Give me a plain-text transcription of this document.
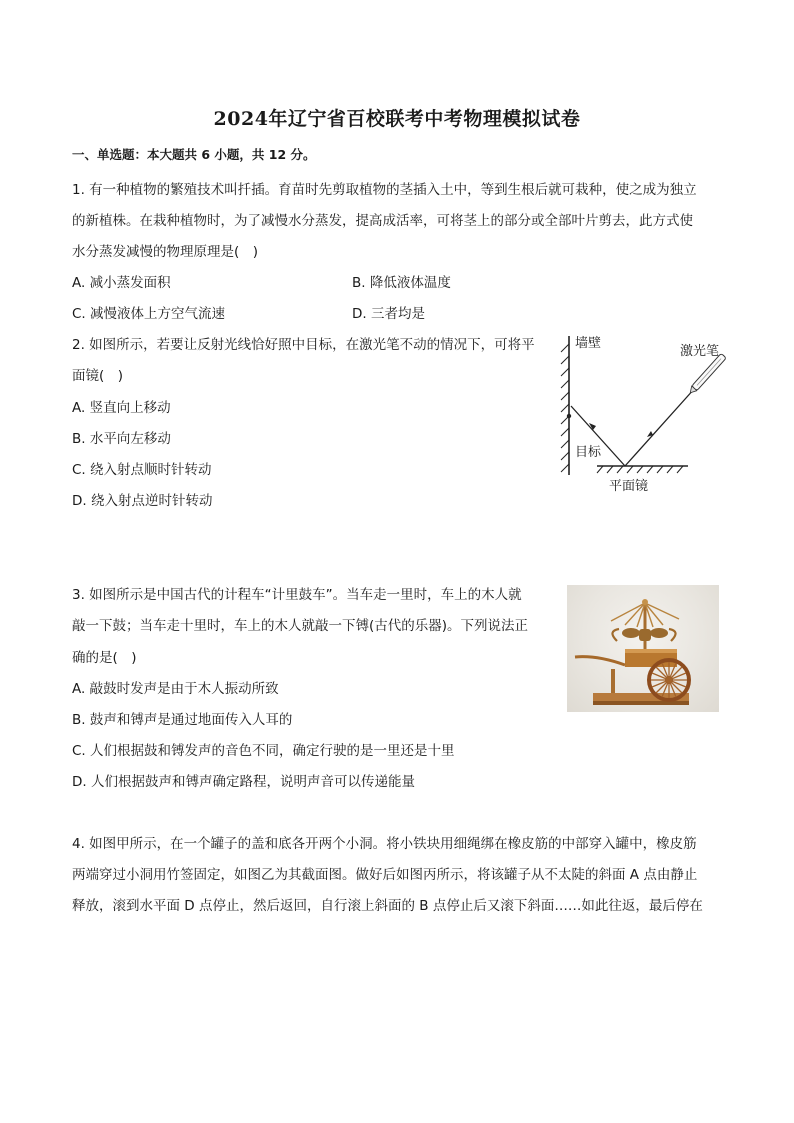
2024年辽宁省百校联考中考物理模拟试卷
一、单选题：本大题共 6 小题，共 12 分。
1. 有一种植物的繁殖技术叫扦插。育苗时先剪取植物的茎插入土中，等到生根后就可栽种，使之成为独立
的新植株。在栽种植物时，为了减慢水分蒸发，提高成活率，可将茎上的部分或全部叶片剪去，此方式使
水分蒸发减慢的物理原理是(　)
A. 减小蒸发面积	B. 降低液体温度
C. 减慢液体上方空气流速	D. 三者均是
2. 如图所示，若要让反射光线恰好照中目标，在激光笔不动的情况下，可将平
面镜(　)
A. 竖直向上移动
B. 水平向左移动
C. 绕入射点顺时针转动
D. 绕入射点逆时针转动
墙壁
激光笔
目标
平面镜
3. 如图所示是中国古代的计程车“计里鼓车”。当车走一里时，车上的木人就
敲一下鼓；当车走十里时，车上的木人就敲一下镈(古代的乐器)。下列说法正
确的是(　)
A. 敲鼓时发声是由于木人振动所致
B. 鼓声和镈声是通过地面传入人耳的
C. 人们根据鼓和镈发声的音色不同，确定行驶的是一里还是十里
D. 人们根据鼓声和镈声确定路程，说明声音可以传递能量
4. 如图甲所示，在一个罐子的盖和底各开两个小洞。将小铁块用细绳绑在橡皮筋的中部穿入罐中，橡皮筋
两端穿过小洞用竹签固定，如图乙为其截面图。做好后如图丙所示，将该罐子从不太陡的斜面 A 点由静止
释放，滚到水平面 D 点停止，然后返回，自行滚上斜面的 B 点停止后又滚下斜面……如此往返，最后停在
